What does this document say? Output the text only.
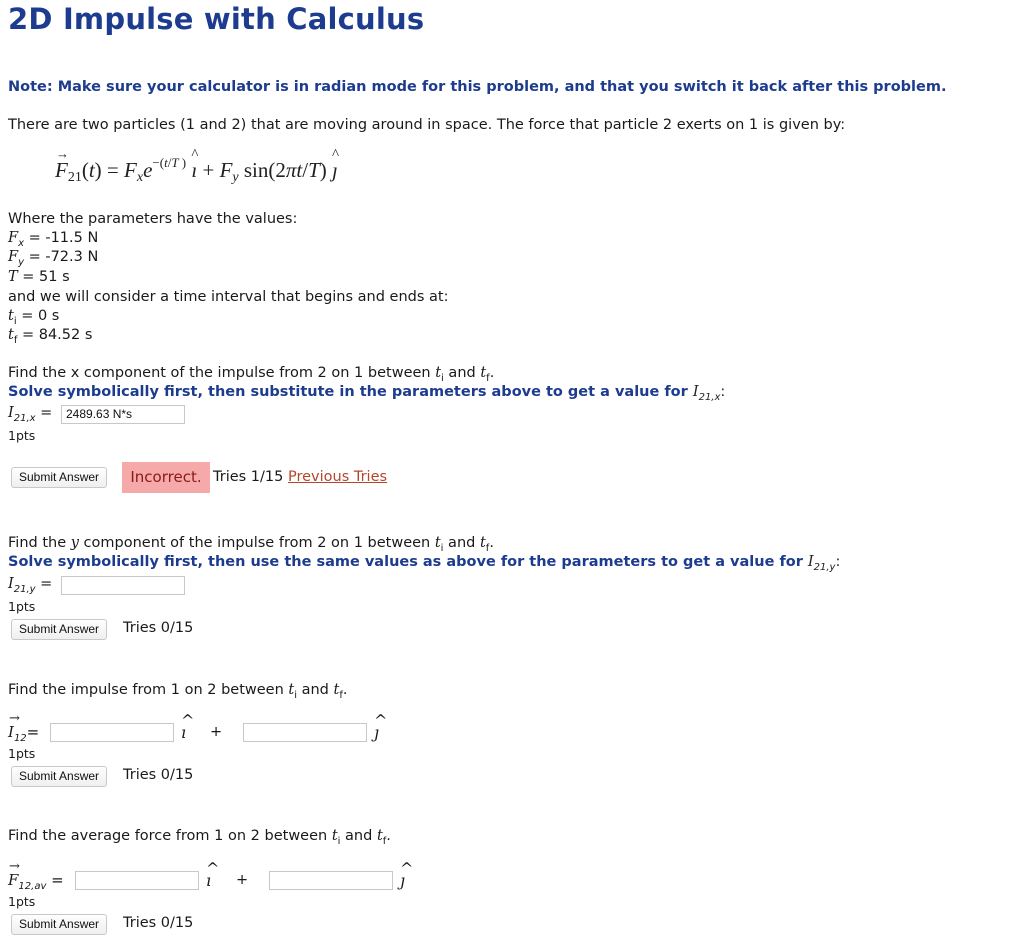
2D Impulse with Calculus
Note: Make sure your calculator is in radian mode for this problem, and that you switch it back after this problem.
There are two particles (1 and 2) that are moving around in space. The force that particle 2 exerts on 1 is given by:
→ F21(t) = Fxe$^{-(t/T )}$ ^ ı + Fy sin(2πt/T) ^ ȷ
Where the parameters have the values:
$F_x = -11.5$ N
$F_y = -72.3$ N
T = 51 s
and we will consider a time interval that begins and ends at:
$t_i = 0$ s
$t_f = 84.52$ s
Find the x component of the impulse from 2 on 1 between $t_i$ and $t_f$.
Solve symbolically first, then substitute in the parameters above to get a value for $I_{21,x}$:
$I_{21,x}$ =	2489.63 N*s
1pts
Submit Answer	Incorrect. Tries 1/15 Previous Tries
Find the y component of the impulse from 2 on 1 between $t_i$ and $t_f$.
Solve symbolically first, then use the same values as above for the parameters to get a value for $I_{21,y}$:
$I_{21,y}$ =
1pts
Submit Answer	Tries 0/15
Find the impulse from 1 on 2 between $t_i$ and $t_f$.
→ $I_{12}=$	^ ı +	^ ȷ
1pts
Submit Answer	Tries 0/15
Find the average force from 1 on 2 between $t_i$ and $t_f$.
→ $F_{12,av}$ =	^ ı +	^ ȷ
1pts
Submit Answer	Tries 0/15
